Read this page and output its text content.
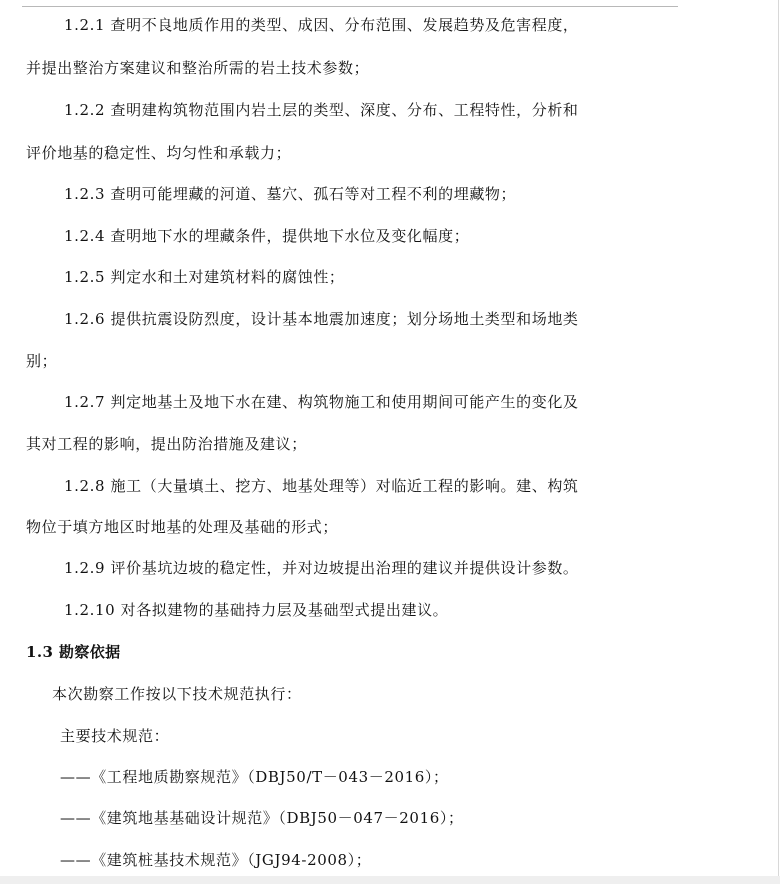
1.2.1 查明不良地质作用的类型、成因、分布范围、发展趋势及危害程度，
并提出整治方案建议和整治所需的岩土技术参数；
1.2.2 查明建构筑物范围内岩土层的类型、深度、分布、工程特性，分析和
评价地基的稳定性、均匀性和承载力；
1.2.3 查明可能埋藏的河道、墓穴、孤石等对工程不利的埋藏物；
1.2.4 查明地下水的埋藏条件，提供地下水位及变化幅度；
1.2.5 判定水和土对建筑材料的腐蚀性；
1.2.6 提供抗震设防烈度，设计基本地震加速度；划分场地土类型和场地类
别；
1.2.7 判定地基土及地下水在建、构筑物施工和使用期间可能产生的变化及
其对工程的影响，提出防治措施及建议；
1.2.8 施工（大量填土、挖方、地基处理等）对临近工程的影响。建、构筑
物位于填方地区时地基的处理及基础的形式；
1.2.9 评价基坑边坡的稳定性，并对边坡提出治理的建议并提供设计参数。
1.2.10 对各拟建物的基础持力层及基础型式提出建议。
1.3 勘察依据
本次勘察工作按以下技术规范执行：
主要技术规范：
——《工程地质勘察规范》（DBJ50/T－043－2016）；
——《建筑地基基础设计规范》（DBJ50－047－2016）；
——《建筑桩基技术规范》（JGJ94-2008）；
